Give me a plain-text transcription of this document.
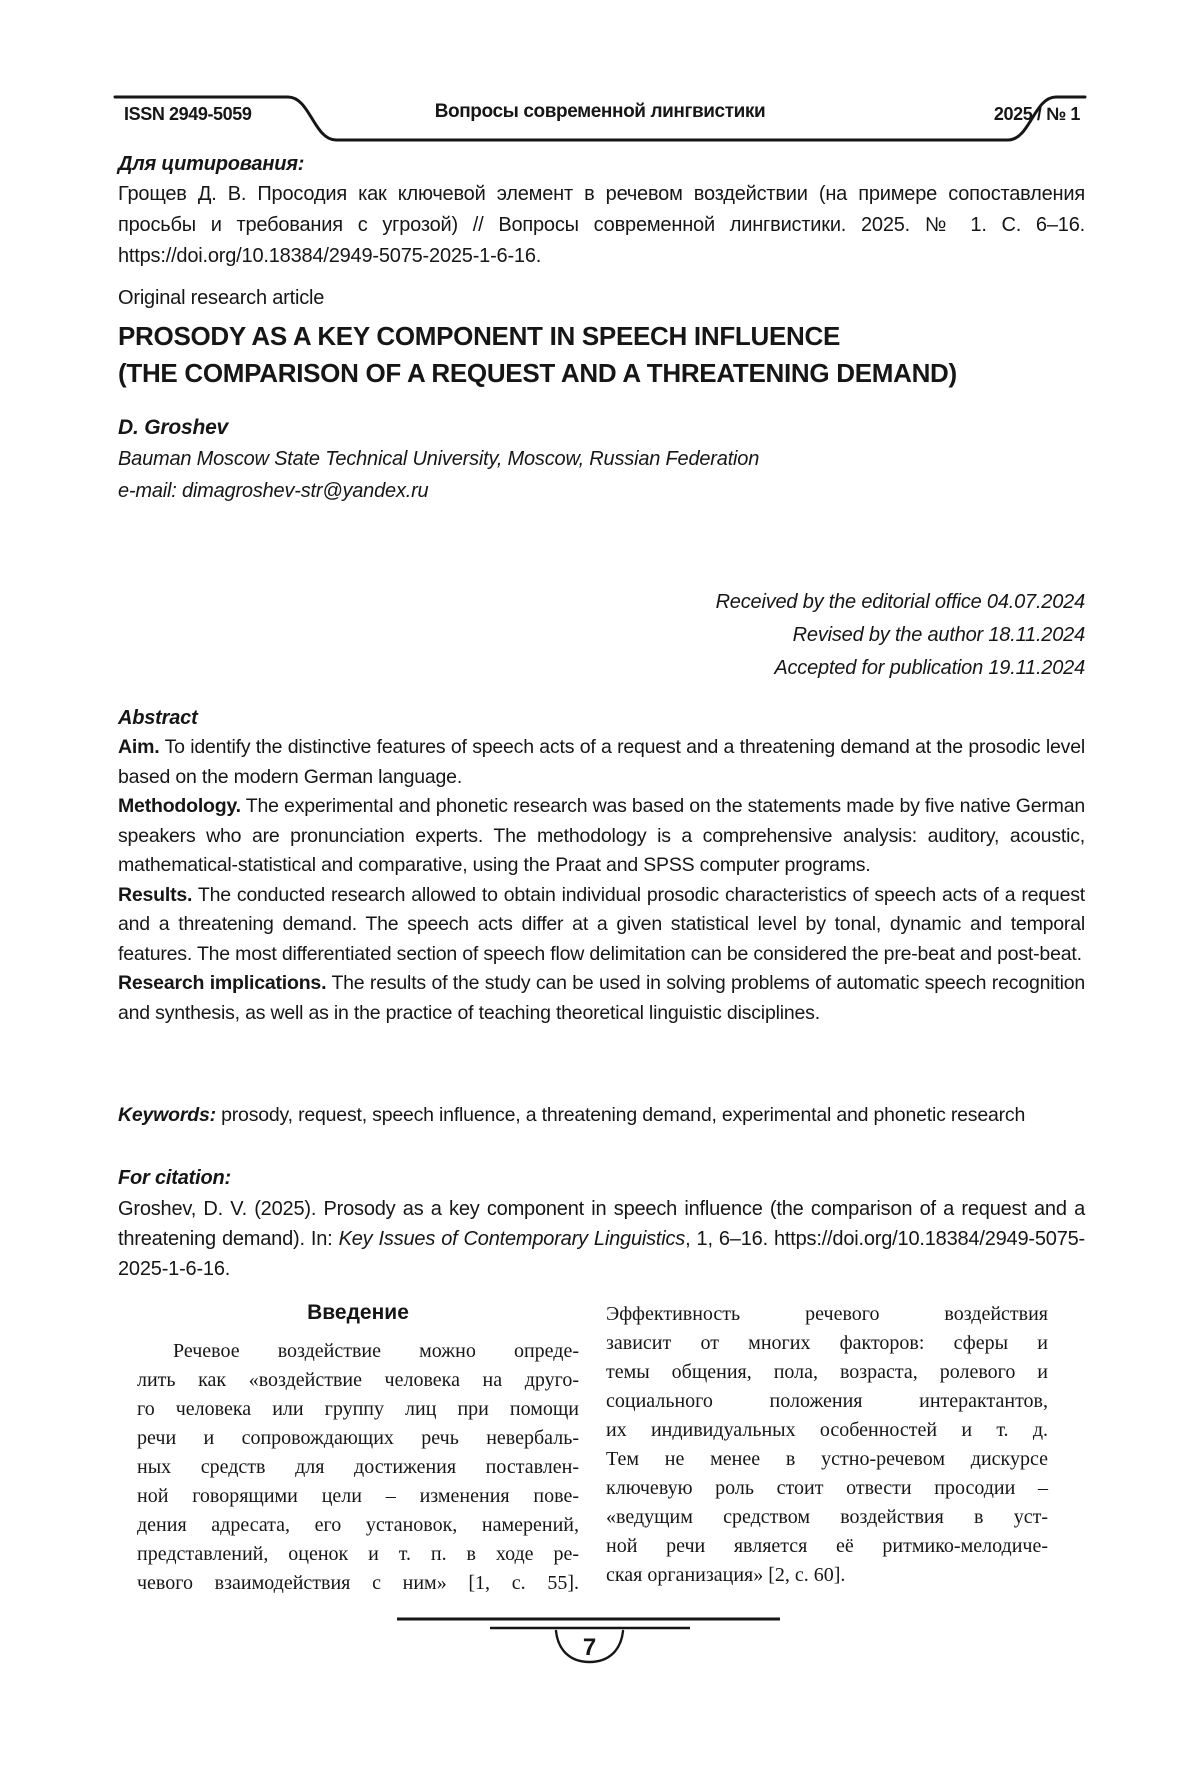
ISSN 2949-5059	Вопросы современной лингвистики	2025 / № 1
Для цитирования:
Грощев Д. В. Просодия как ключевой элемент в речевом воздействии (на примере сопоставления просьбы и требования с угрозой) // Вопросы современной лингвистики. 2025. № 1. С. 6–16. https://doi.org/10.18384/2949-5075-2025-1-6-16.
Original research article
PROSODY AS A KEY COMPONENT IN SPEECH INFLUENCE
(THE COMPARISON OF A REQUEST AND A THREATENING DEMAND)
D. Groshev
Bauman Moscow State Technical University, Moscow, Russian Federation
e-mail: dimagroshev-str@yandex.ru
Received by the editorial office 04.07.2024
Revised by the author 18.11.2024
Accepted for publication 19.11.2024
Abstract
Aim. To identify the distinctive features of speech acts of a request and a threatening demand at the prosodic level based on the modern German language.
Methodology. The experimental and phonetic research was based on the statements made by five native German speakers who are pronunciation experts. The methodology is a comprehensive analysis: auditory, acoustic, mathematical-statistical and comparative, using the Praat and SPSS computer programs.
Results. The conducted research allowed to obtain individual prosodic characteristics of speech acts of a request and a threatening demand. The speech acts differ at a given statistical level by tonal, dynamic and temporal features. The most differentiated section of speech flow delimitation can be considered the pre-beat and post-beat.
Research implications. The results of the study can be used in solving problems of automatic speech recognition and synthesis, as well as in the practice of teaching theoretical linguistic disciplines.
Keywords: prosody, request, speech influence, a threatening demand, experimental and phonetic research
For citation:
Groshev, D. V. (2025). Prosody as a key component in speech influence (the comparison of a request and a threatening demand). In: Key Issues of Contemporary Linguistics, 1, 6–16. https://doi.org/10.18384/2949-5075-2025-1-6-16.
Введение
Речевое воздействие можно опреде-
лить как «воздействие человека на друго-
го человека или группу лиц при помощи
речи и сопровождающих речь невербаль-
ных средств для достижения поставлен-
ной говорящими цели – изменения пове-
дения адресата, его установок, намерений,
представлений, оценок и т. п. в ходе ре-
чевого взаимодействия с ним» [1, с. 55].
Эффективность речевого воздействия
зависит от многих факторов: сферы и
темы общения, пола, возраста, ролевого и
социального положения интерактантов,
их индивидуальных особенностей и т. д.
Тем не менее в устно-речевом дискурсе
ключевую роль стоит отвести просодии –
«ведущим средством воздействия в уст-
ной речи является её ритмико-мелодиче-
ская организация» [2, с. 60].
7
